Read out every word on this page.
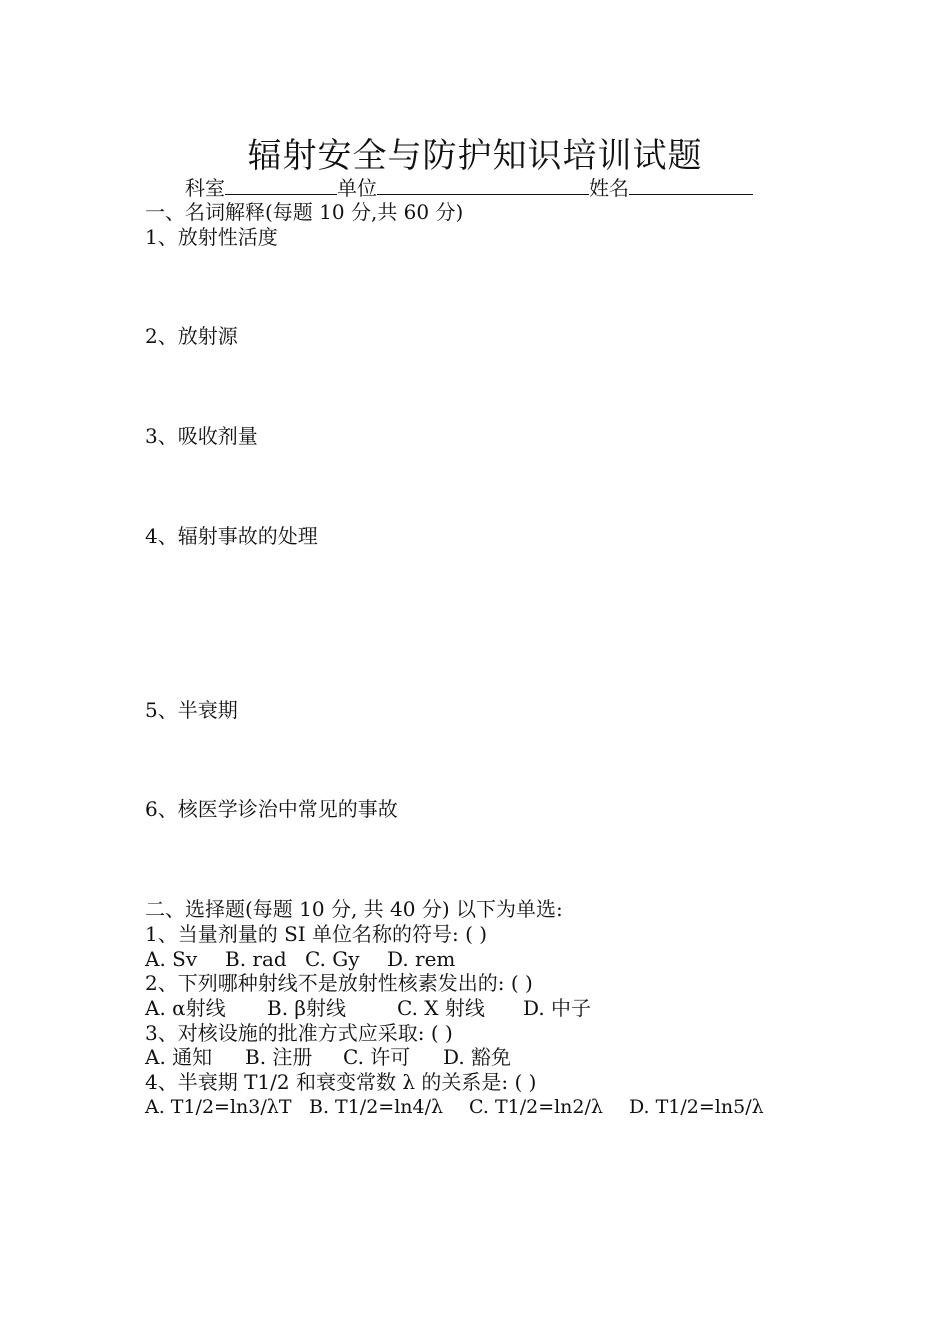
辐射安全与防护知识培训试题
科室	单位	姓名
一、名词解释(每题 10 分,共 60 分)
1、放射性活度
2、放射源
3、吸收剂量
4、辐射事故的处理
5、半衰期
6、核医学诊治中常见的事故
二、选择题(每题 10 分, 共 40 分) 以下为单选:
1、当量剂量的 SI 单位名称的符号: ( )
A. Sv B. rad C. Gy D. rem
2、下列哪种射线不是放射性核素发出的: ( )
A. α射线 B. β射线	C. X 射线 D. 中子
3、对核设施的批准方式应采取: ( )
A. 通知 B. 注册 C. 许可 D. 豁免
4、半衰期 T1/2 和衰变常数 λ 的关系是: ( )
A. T1/2=ln3/λT B. T1/2=ln4/λ C. T1/2=ln2/λ D. T1/2=ln5/λ
